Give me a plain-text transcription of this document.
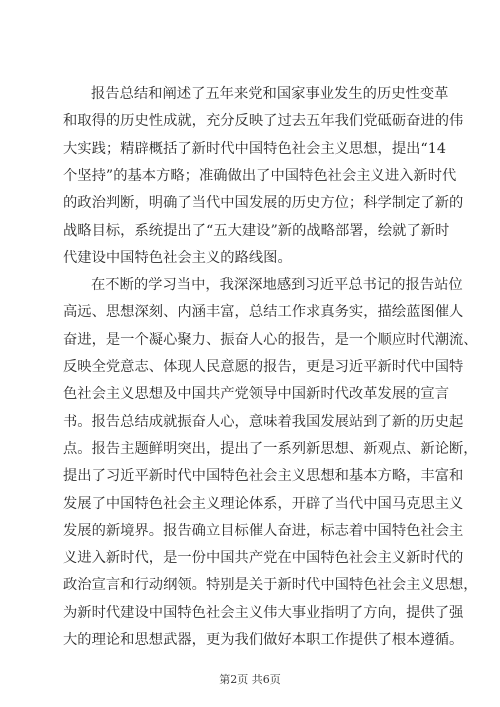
报告总结和阐述了五年来党和国家事业发生的历史性变革
和取得的历史性成就，充分反映了过去五年我们党砥砺奋进的伟
大实践；精辟概括了新时代中国特色社会主义思想，提出“14
个坚持”的基本方略；准确做出了中国特色社会主义进入新时代
的政治判断，明确了当代中国发展的历史方位；科学制定了新的
战略目标，系统提出了“五大建设”新的战略部署，绘就了新时
代建设中国特色社会主义的路线图。
在不断的学习当中，我深深地感到习近平总书记的报告站位
高远、思想深刻、内涵丰富，总结工作求真务实，描绘蓝图催人
奋进，是一个凝心聚力、振奋人心的报告，是一个顺应时代潮流、
反映全党意志、体现人民意愿的报告，更是习近平新时代中国特
色社会主义思想及中国共产党领导中国新时代改革发展的宣言
书。报告总结成就振奋人心，意味着我国发展站到了新的历史起
点。报告主题鲜明突出，提出了一系列新思想、新观点、新论断，
提出了习近平新时代中国特色社会主义思想和基本方略，丰富和
发展了中国特色社会主义理论体系，开辟了当代中国马克思主义
发展的新境界。报告确立目标催人奋进，标志着中国特色社会主
义进入新时代，是一份中国共产党在中国特色社会主义新时代的
政治宣言和行动纲领。特别是关于新时代中国特色社会主义思想，
为新时代建设中国特色社会主义伟大事业指明了方向，提供了强
大的理论和思想武器，更为我们做好本职工作提供了根本遵循。
第2页 共6页
